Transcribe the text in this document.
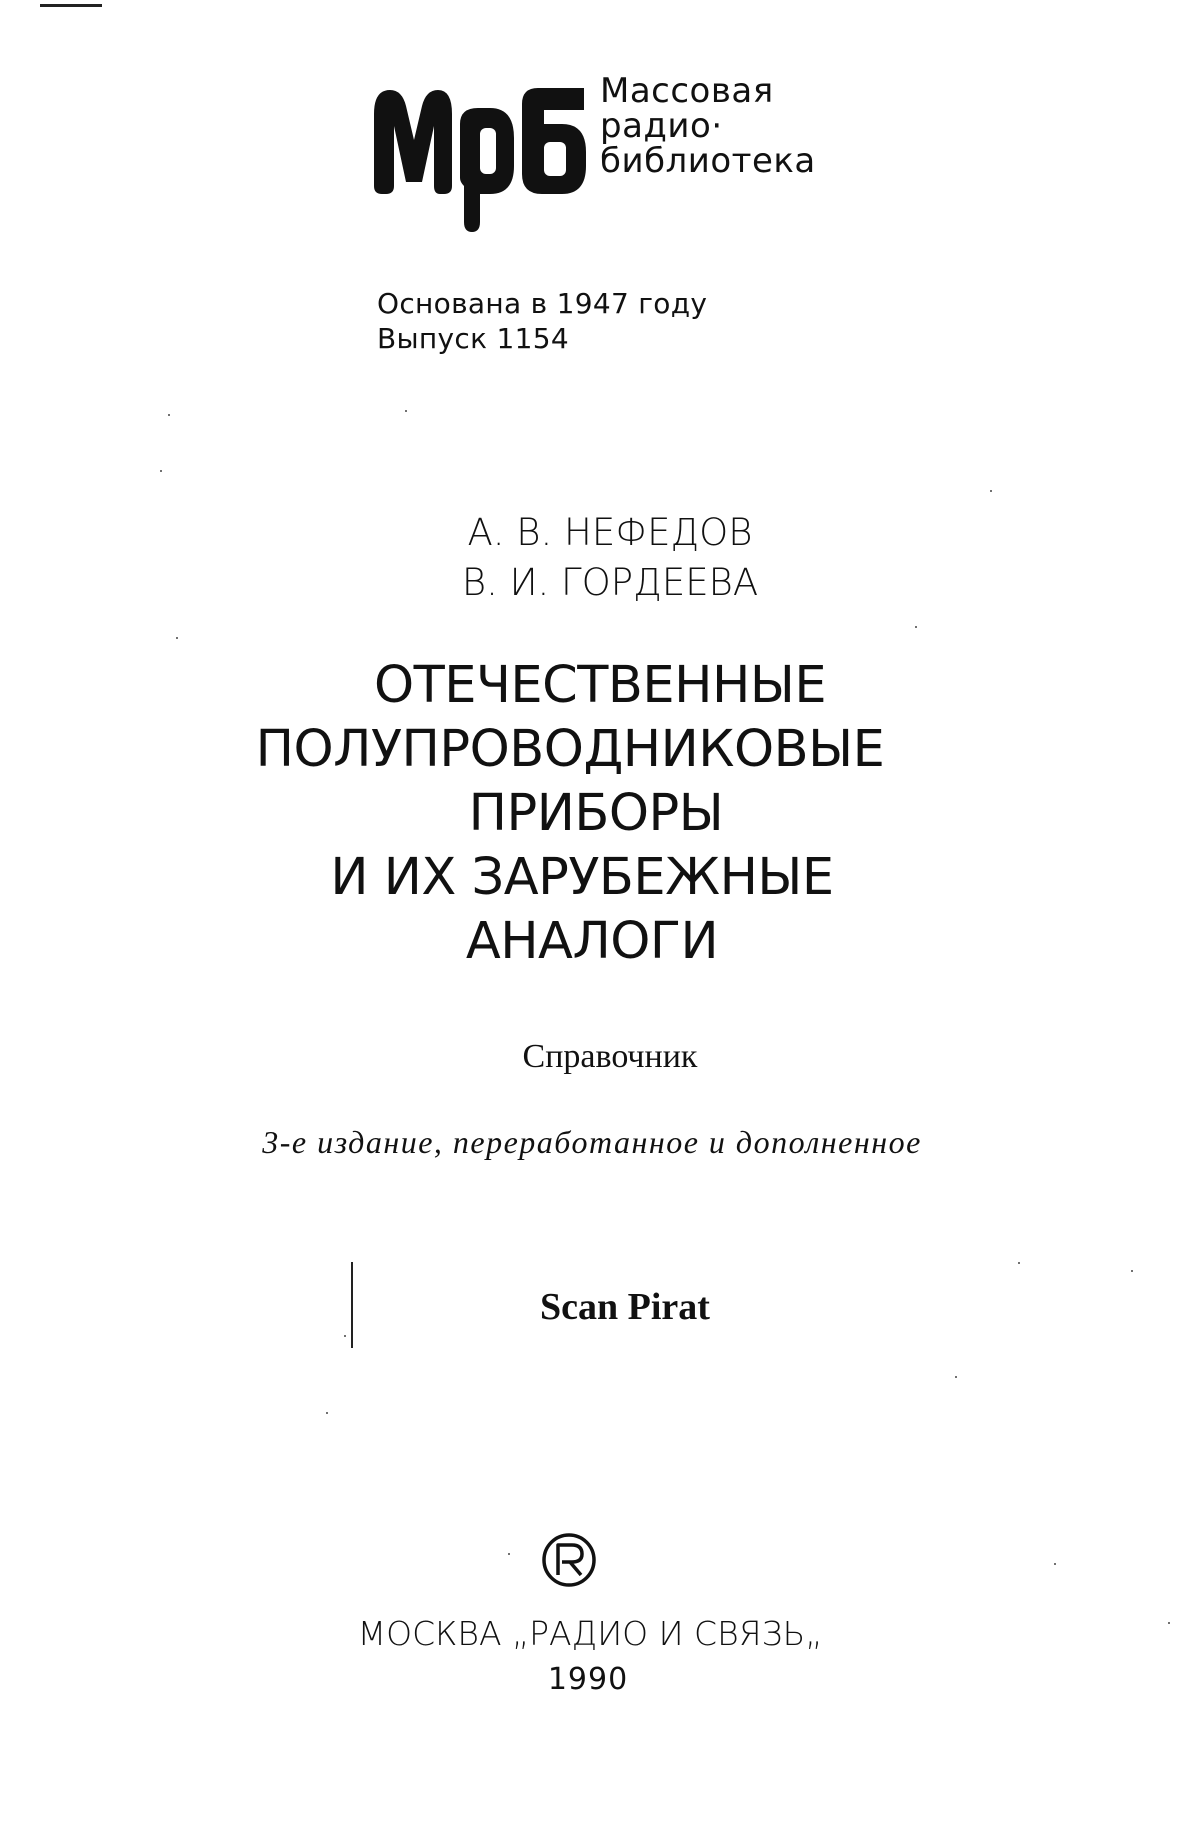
Массовая
радио·
библиотека
Основана в 1947 году
Выпуск 1154
А. В. НЕФЕДОВ
В. И. ГОРДЕЕВА
ОТЕЧЕСТВЕННЫЕ
ПОЛУПРОВОДНИКОВЫЕ
ПРИБОРЫ
И ИХ ЗАРУБЕЖНЫЕ
АНАЛОГИ
Справочник
3-е издание, переработанное и дополненное
Scan Pirat
МОСКВА „РАДИО И СВЯЗЬ„
1990
